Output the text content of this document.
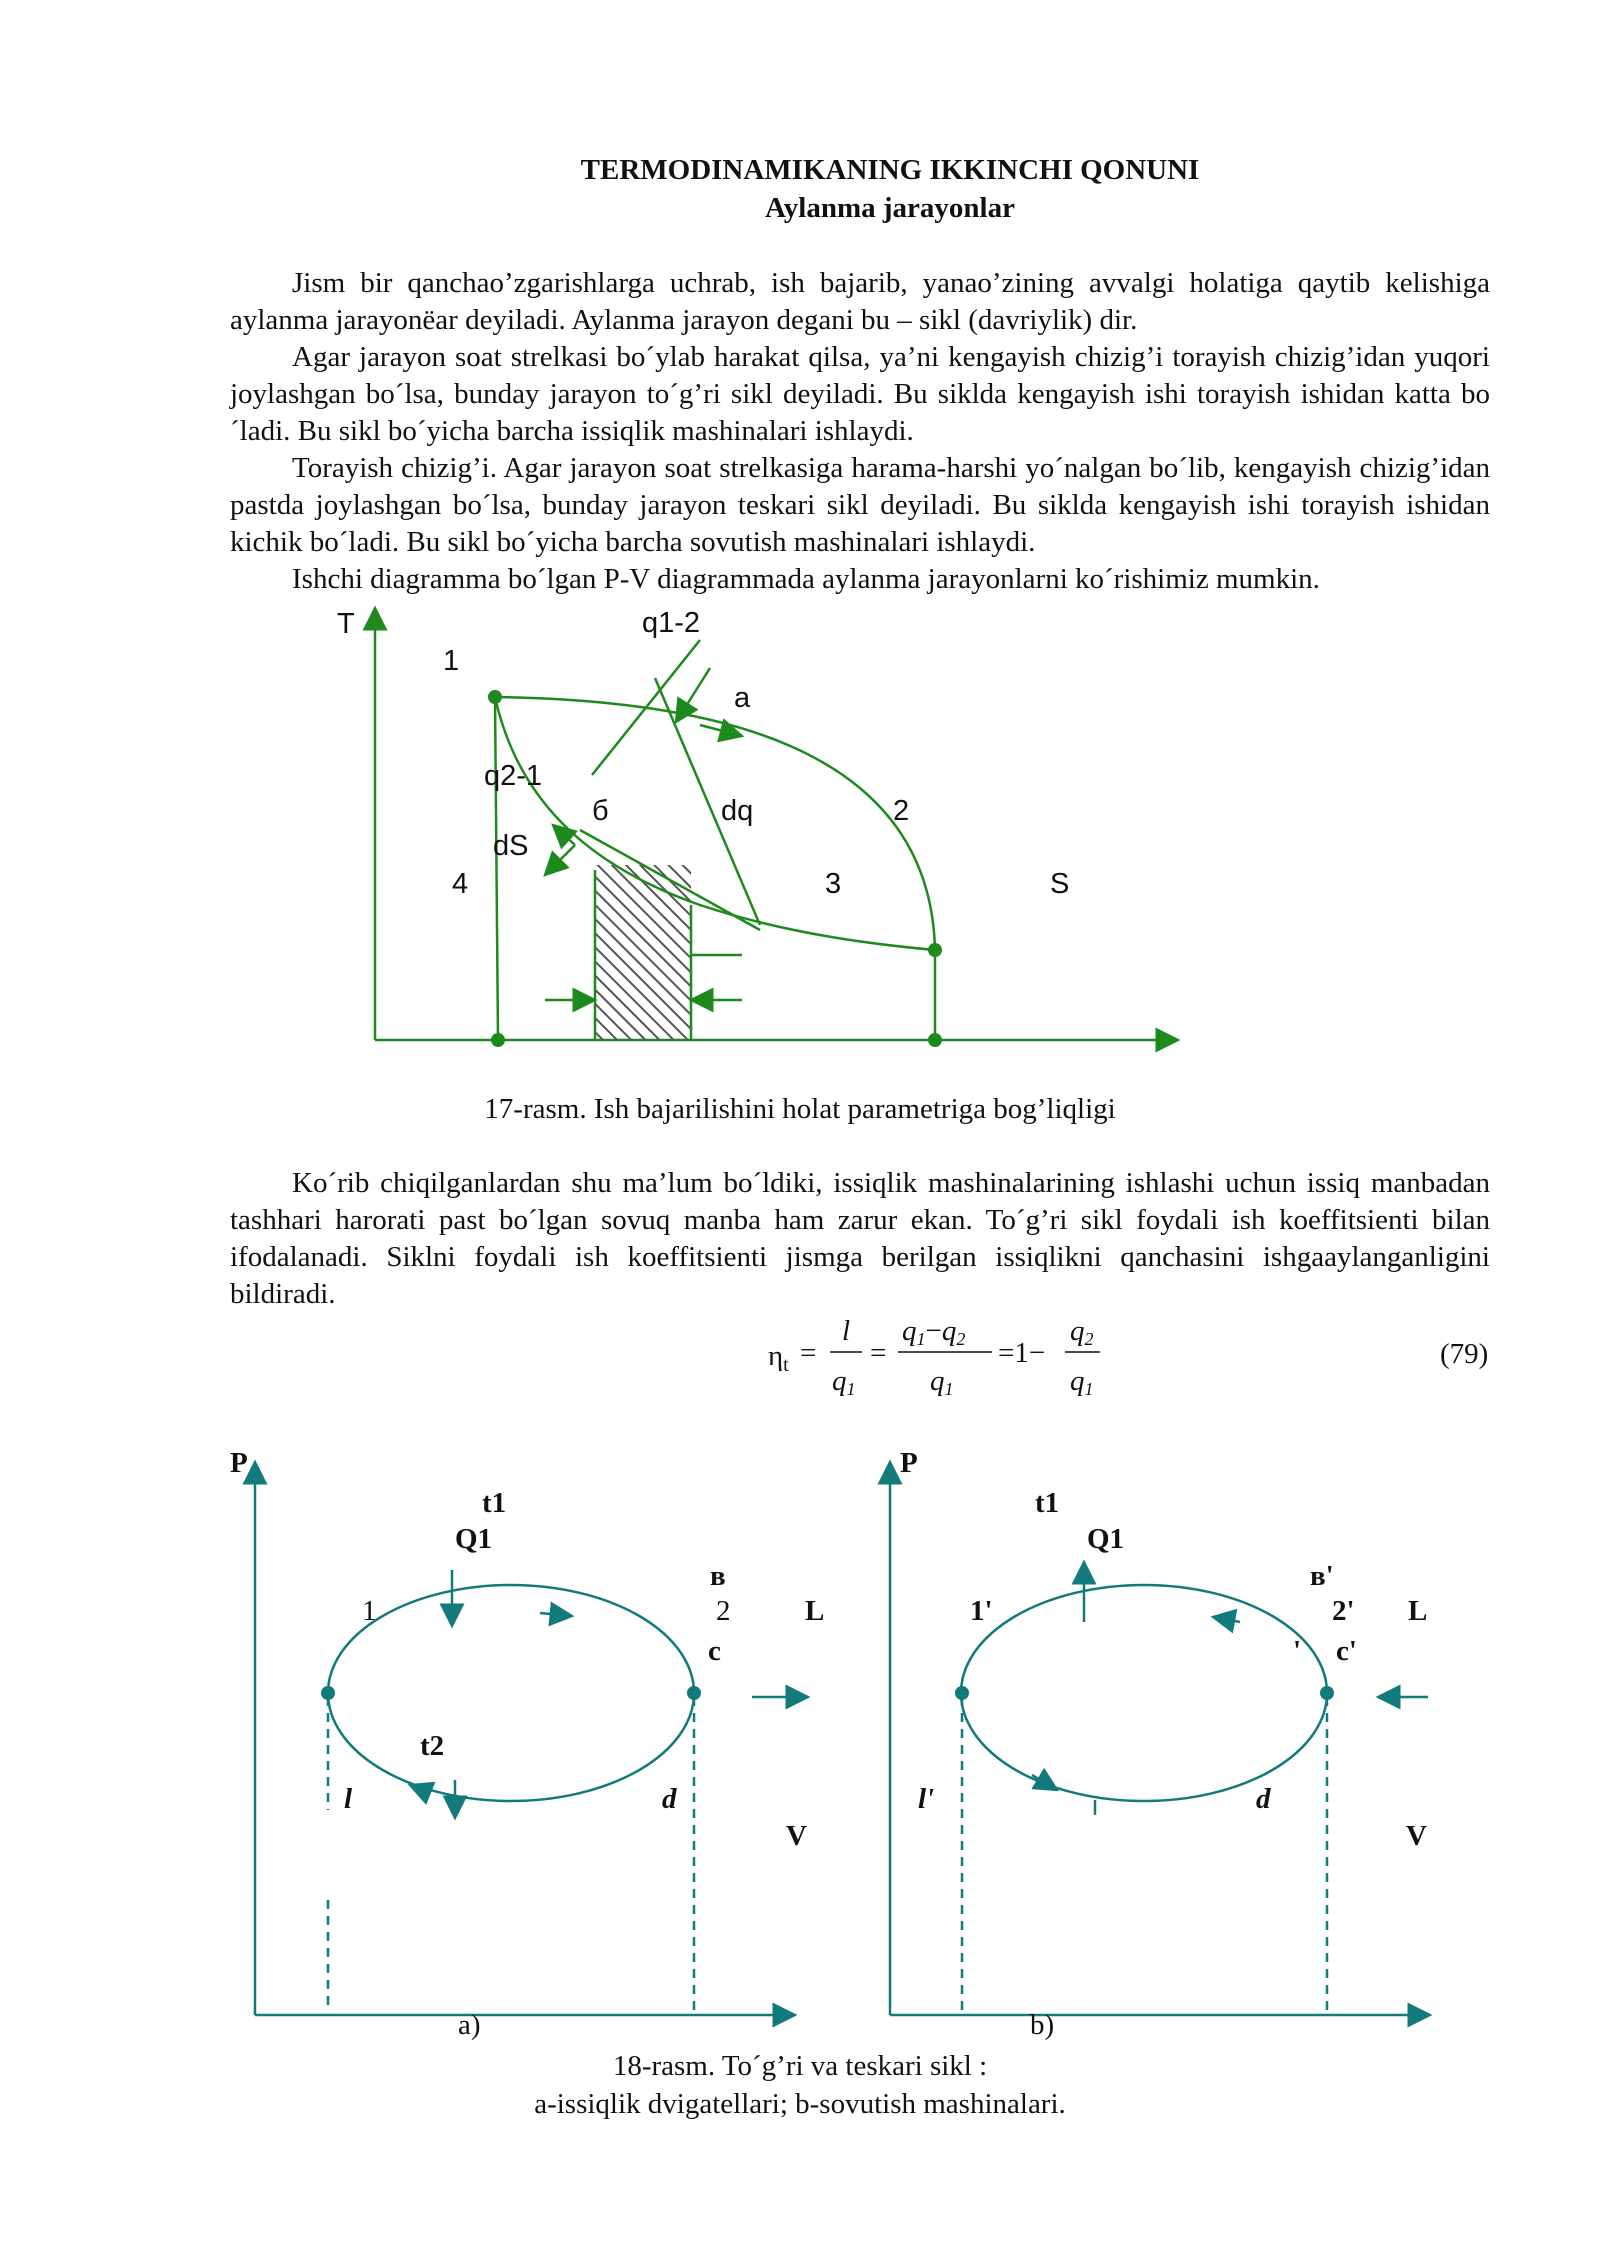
TERMODINAMIKANING IKKINCHI QONUNI
Aylanma jarayonlar

Jism bir qanchao’zgarishlarga uchrab, ish bajarib, yanao’zining avvalgi holatiga qaytib kelishiga aylanma jarayonёar deyiladi. Aylanma jarayon degani bu – sikl (davriylik) dir.

Agar jarayon soat strelkasi bo´ylab harakat qilsa, ya’ni kengayish chizig’i torayish chizig’idan yuqori joylashgan bo´lsa, bunday jarayon to´g’ri sikl deyiladi. Bu siklda kengayish ishi torayish ishidan katta bo´ladi. Bu sikl bo´yicha barcha issiqlik mashinalari ishlaydi.

Torayish chizig’i. Agar jarayon soat strelkasiga harama-harshi yo´nalgan bo´lib, kengayish chizig’idan pastda joylashgan bo´lsa, bunday jarayon teskari sikl deyiladi. Bu siklda kengayish ishi torayish ishidan kichik bo´ladi. Bu sikl bo´yicha barcha sovutish mashinalari ishlaydi.

Ishchi diagramma bo´lgan P-V diagrammada aylanma jarayonlarni ko´rishimiz mumkin.

T
S
q1-2
q2-1
1
2
3
4
a
б	dq
dS
17-rasm. Ish bajarilishini holat parametriga bog’liqligi

Ko´rib chiqilganlardan shu ma’lum bo´ldiki, issiqlik mashinalarining ishlashi uchun issiq manbadan tashhari harorati past bo´lgan sovuq manba ham zarur ekan. To´g’ri sikl foydali ish koeffitsienti bilan ifodalanadi. Siklni foydali ish koeffitsienti jismga berilgan issiqlikni qanchasini ishgaaylanganligini bildiradi.

$\eta_t$ =
l
q1
=
q1−q2
q1
=1−
q2
q1
(79)
P
t1
Q1
1
в
2
c
L
t2
l	d
V
a)
P
t1
Q1
1'
в'
2'
' c'
L
l'	d
V
b)
18-rasm. To´g’ri va teskari sikl :
a-issiqlik dvigatellari; b-sovutish mashinalari.
